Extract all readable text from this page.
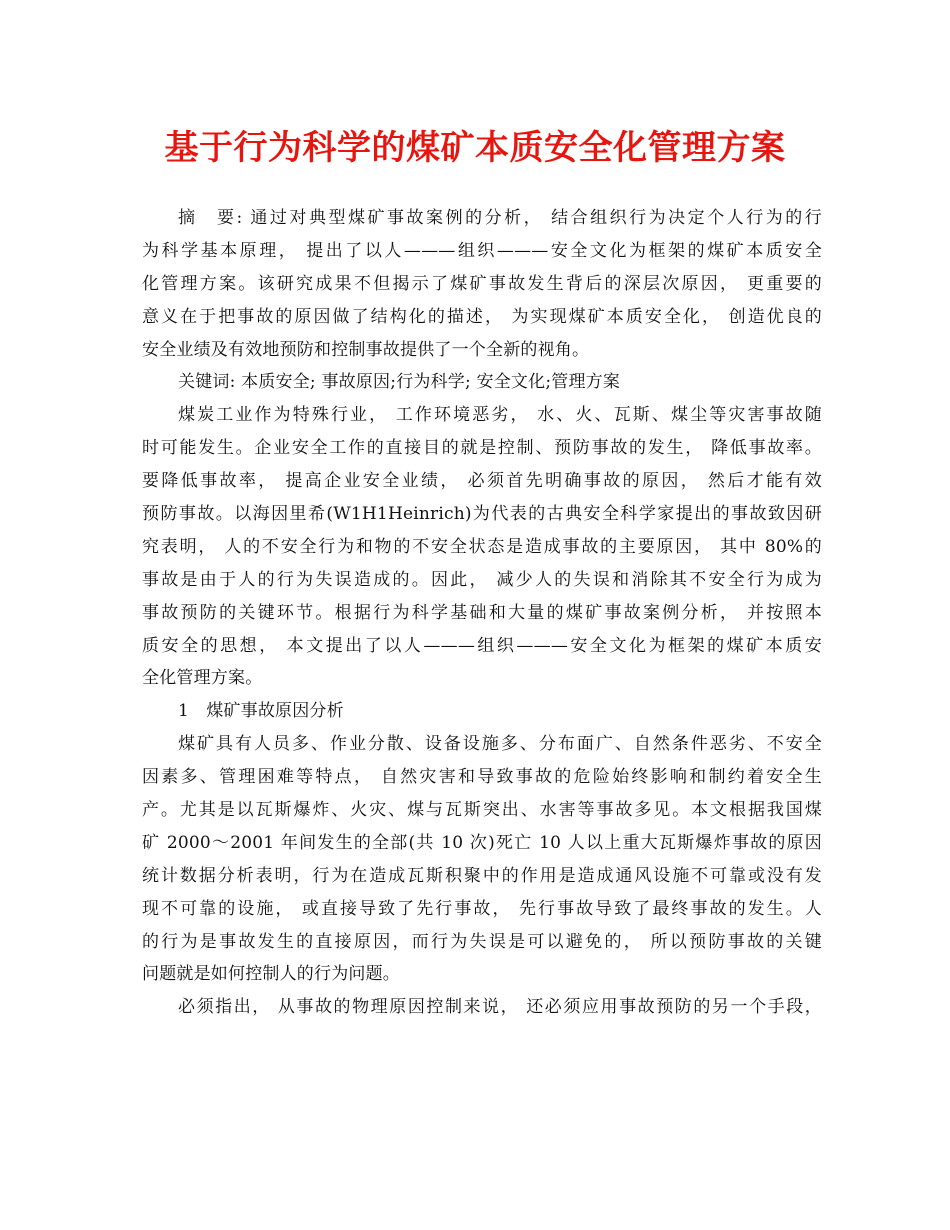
基于行为科学的煤矿本质安全化管理方案
摘　要: 通过对典型煤矿事故案例的分析， 结合组织行为决定个人行为的行
为科学基本原理， 提出了以人———组织———安全文化为框架的煤矿本质安全
化管理方案。该研究成果不但揭示了煤矿事故发生背后的深层次原因， 更重要的
意义在于把事故的原因做了结构化的描述， 为实现煤矿本质安全化， 创造优良的
安全业绩及有效地预防和控制事故提供了一个全新的视角。
关键词: 本质安全; 事故原因;行为科学; 安全文化;管理方案
煤炭工业作为特殊行业， 工作环境恶劣， 水、火、瓦斯、煤尘等灾害事故随
时可能发生。企业安全工作的直接目的就是控制、预防事故的发生， 降低事故率。
要降低事故率， 提高企业安全业绩， 必须首先明确事故的原因， 然后才能有效
预防事故。以海因里希(W1H1Heinrich)为代表的古典安全科学家提出的事故致因研
究表明， 人的不安全行为和物的不安全状态是造成事故的主要原因， 其中 80%的
事故是由于人的行为失误造成的。因此， 减少人的失误和消除其不安全行为成为
事故预防的关键环节。根据行为科学基础和大量的煤矿事故案例分析， 并按照本
质安全的思想， 本文提出了以人———组织———安全文化为框架的煤矿本质安
全化管理方案。
1　煤矿事故原因分析
煤矿具有人员多、作业分散、设备设施多、分布面广、自然条件恶劣、不安全
因素多、管理困难等特点， 自然灾害和导致事故的危险始终影响和制约着安全生
产。尤其是以瓦斯爆炸、火灾、煤与瓦斯突出、水害等事故多见。本文根据我国煤
矿 2000～2001 年间发生的全部(共 10 次)死亡 10 人以上重大瓦斯爆炸事故的原因
统计数据分析表明，行为在造成瓦斯积聚中的作用是造成通风设施不可靠或没有发
现不可靠的设施， 或直接导致了先行事故， 先行事故导致了最终事故的发生。人
的行为是事故发生的直接原因，而行为失误是可以避免的， 所以预防事故的关键
问题就是如何控制人的行为问题。
必须指出， 从事故的物理原因控制来说， 还必须应用事故预防的另一个手段，
